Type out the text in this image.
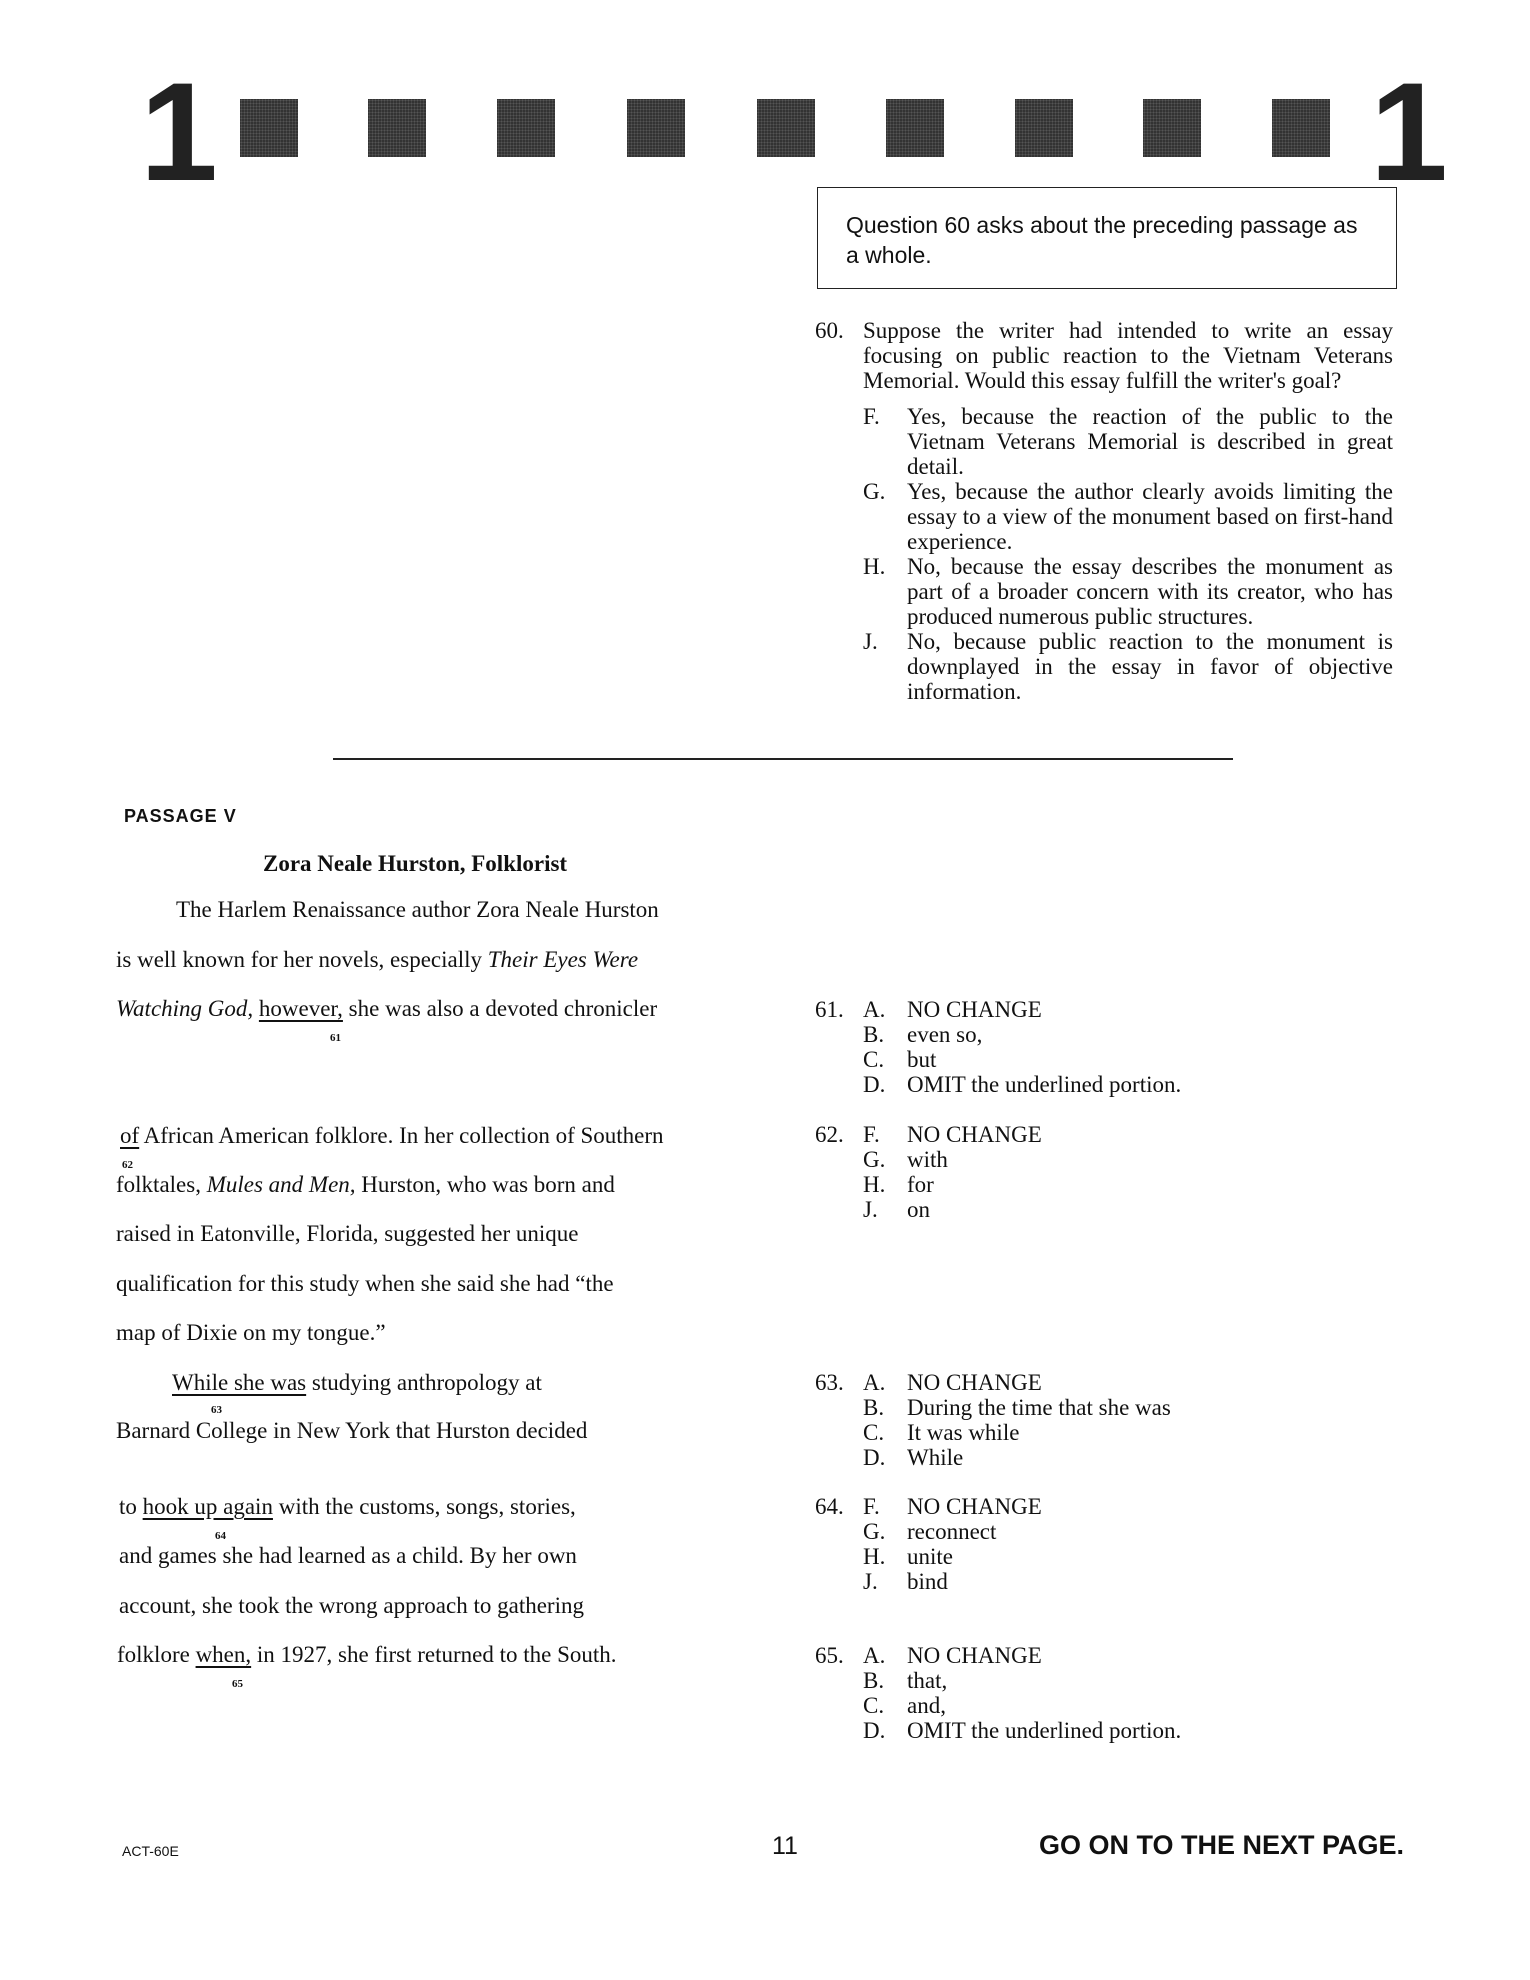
1	1
Question 60 asks about the preceding passage as a whole.
60. Suppose the writer had intended to write an essay focusing on public reaction to the Vietnam Veterans Memorial. Would this essay fulfill the writer's goal?
F. Yes, because the reaction of the public to the Vietnam Veterans Memorial is described in great detail.
G. Yes, because the author clearly avoids limiting the essay to a view of the monument based on first-hand experience.
H. No, because the essay describes the monument as part of a broader concern with its creator, who has produced numerous public structures.
J. No, because public reaction to the monument is downplayed in the essay in favor of objective information.
PASSAGE V
Zora Neale Hurston, Folklorist
The Harlem Renaissance author Zora Neale Hurston
is well known for her novels, especially Their Eyes Were
Watching God, however, she was also a devoted chronicler
61
of African American folklore. In her collection of Southern
62
folktales, Mules and Men, Hurston, who was born and
raised in Eatonville, Florida, suggested her unique
qualification for this study when she said she had “the
map of Dixie on my tongue.”
While she was studying anthropology at
63
Barnard College in New York that Hurston decided
to hook up again with the customs, songs, stories,
64
and games she had learned as a child. By her own
account, she took the wrong approach to gathering
folklore when, in 1927, she first returned to the South.
65
61. A. NO CHANGE
B. even so,
C. but
D. OMIT the underlined portion.
62. F. NO CHANGE
G. with
H. for
J. on
63. A. NO CHANGE
B. During the time that she was
C. It was while
D. While
64. F. NO CHANGE
G. reconnect
H. unite
J. bind
65. A. NO CHANGE
B. that,
C. and,
D. OMIT the underlined portion.
ACT-60E	11	GO ON TO THE NEXT PAGE.
